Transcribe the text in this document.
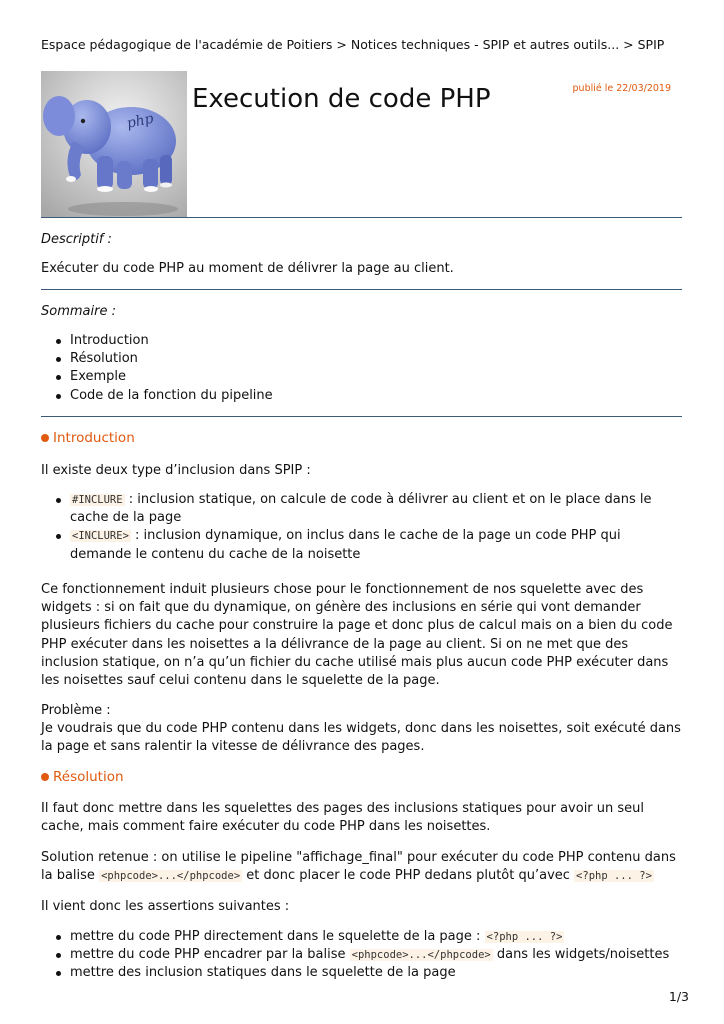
Espace pédagogique de l'académie de Poitiers > Notices techniques - SPIP et autres outils... > SPIP
php
Execution de code PHP	publié le 22/03/2019
Descriptif :

Exécuter du code PHP au moment de délivrer la page au client.

Sommaire :
Introduction
Résolution
Exemple
Code de la fonction du pipeline
Introduction

Il existe deux type d’inclusion dans SPIP :

#INCLURE : inclusion statique, on calcule de code à délivrer au client et on le place dans le cache de la page
<INCLURE> : inclusion dynamique, on inclus dans le cache de la page un code PHP qui demande le contenu du cache de la noisette

Ce fonctionnement induit plusieurs chose pour le fonctionnement de nos squelette avec des widgets : si on fait que du dynamique, on génère des inclusions en série qui vont demander plusieurs fichiers du cache pour construire la page et donc plus de calcul mais on a bien du code PHP exécuter dans les noisettes a la délivrance de la page au client. Si on ne met que des inclusion statique, on n’a qu’un fichier du cache utilisé mais plus aucun code PHP exécuter dans les noisettes sauf celui contenu dans le squelette de la page.

Problème :
Je voudrais que du code PHP contenu dans les widgets, donc dans les noisettes, soit exécuté dans la page et sans ralentir la vitesse de délivrance des pages.

Résolution

Il faut donc mettre dans les squelettes des pages des inclusions statiques pour avoir un seul cache, mais comment faire exécuter du code PHP dans les noisettes.

Solution retenue : on utilise le pipeline "affichage_final" pour exécuter du code PHP contenu dans la balise <phpcode>...</phpcode> et donc placer le code PHP dedans plutôt qu’avec <?php ... ?>

Il vient donc les assertions suivantes :

mettre du code PHP directement dans le squelette de la page : <?php ... ?>
mettre du code PHP encadrer par la balise <phpcode>...</phpcode> dans les widgets/noisettes
mettre des inclusion statiques dans le squelette de la page
1/3
